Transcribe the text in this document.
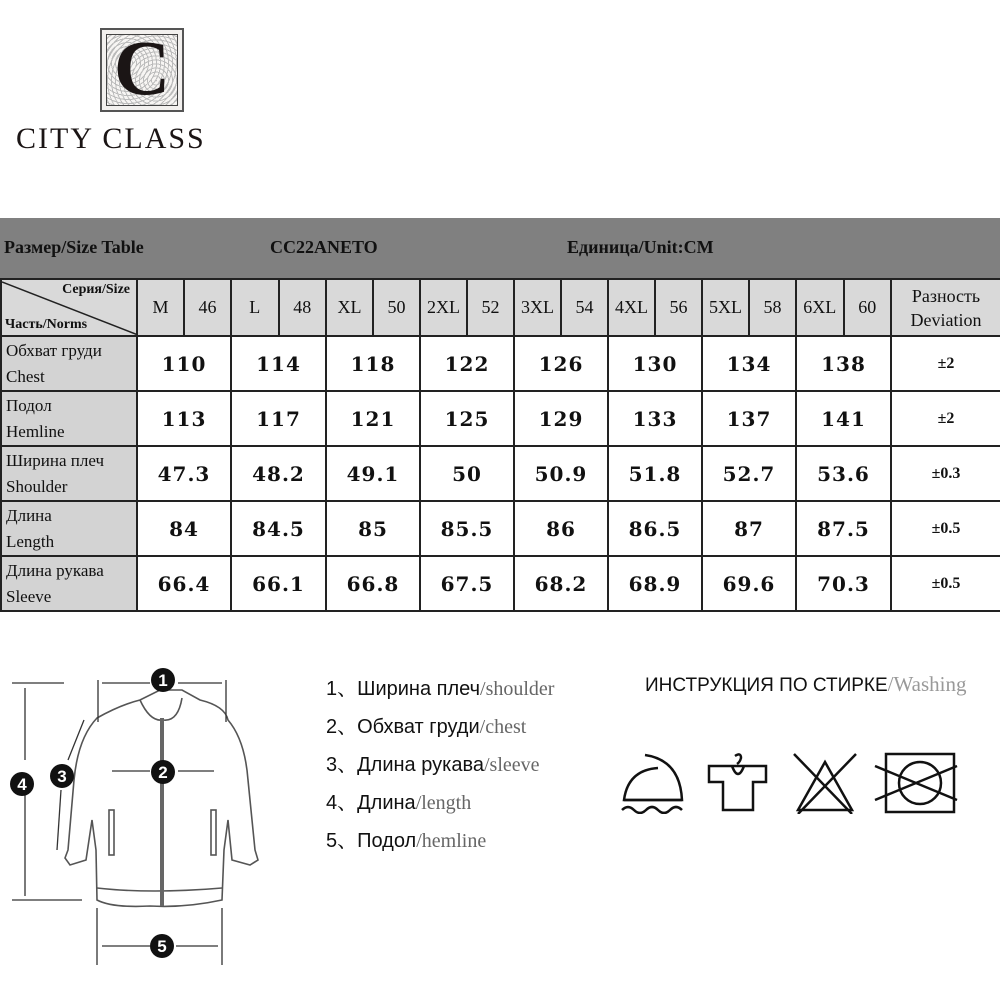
C
CITY CLASS
Размер/Size Table	CC22ANETO	Единица/Unit:CM
Серия/Size
Часть/Norms

M	46	L	48	XL	50	2XL	52	3XL	54	4XL	56	5XL	58	6XL	60

Разность
Deviation

Обхват груди
Chest	110	114	118	122	126	130	134	138	±2

Подол
Hemline	113	117	121	125	129	133	137	141	±2

Ширина плеч
Shoulder	47.3	48.2	49.1	50	50.9	51.8	52.7	53.6	±0.3

Длина
Length	84	84.5	85	85.5	86	86.5	87	87.5	±0.5

Длина рукава
Sleeve	66.4	66.1	66.8	67.5	68.2	68.9	69.6	70.3	±0.5
1
2
3
4
5
1、Ширина плеч/shoulder
2、Обхват груди/chest
3、Длина рукава/sleeve
4、Длина/length
5、Подол/hemline
ИНСТРУКЦИЯ ПО СТИРКЕ/Washing
